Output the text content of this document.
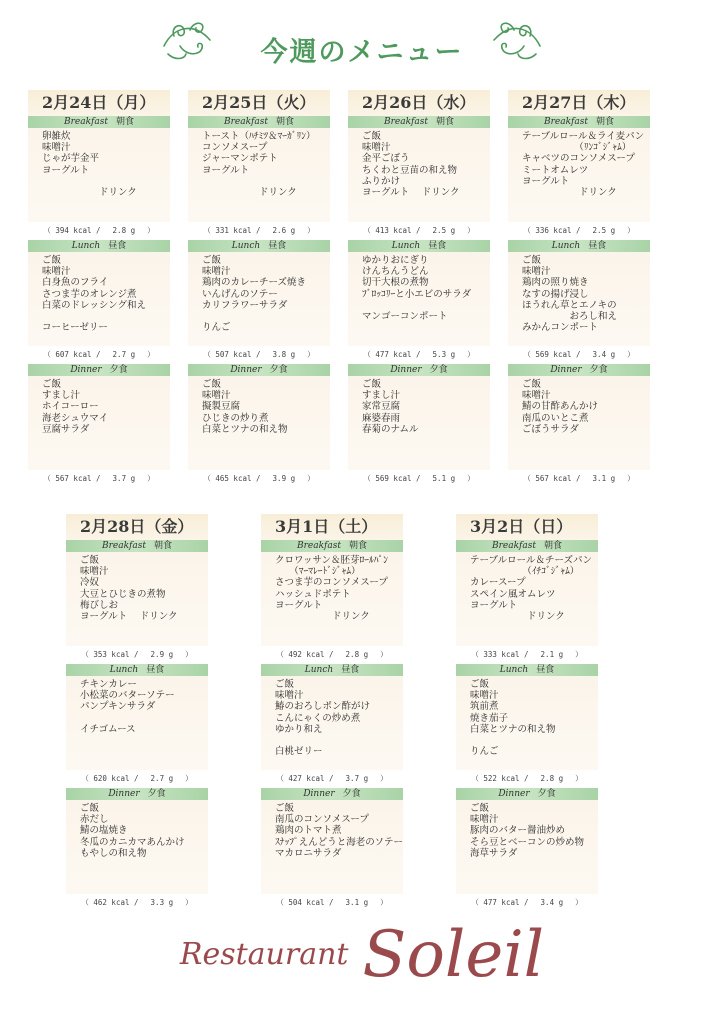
今週のメニュー
2月24日（月）
Breakfast 朝食
卵雑炊
味噌汁
じゃが芋金平
ヨーグルト

　　　　　　ドリンク
（ 394 kcal /　 2.8 g　 ）
Lunch 昼食
ご飯
味噌汁
白身魚のフライ
さつま芋のオレンジ煮
白菜のドレッシング和え

コーヒーゼリー
（ 607 kcal /　 2.7 g　 ）
Dinner 夕食
ご飯
すまし汁
ホイコーロー
海老シュウマイ
豆腐サラダ
（ 567 kcal /　 3.7 g　 ）
2月25日（火）
Breakfast 朝食
トースト（ﾊﾁﾐﾂ＆ﾏｰｶﾞﾘﾝ）
コンソメスープ
ジャーマンポテト
ヨーグルト

　　　　　　ドリンク
（ 331 kcal /　 2.6 g　 ）
Lunch 昼食
ご飯
味噌汁
鶏肉のカレーチーズ焼き
いんげんのソテー
カリフラワーサラダ

りんご
（ 507 kcal /　 3.8 g　 ）
Dinner 夕食
ご飯
味噌汁
擬製豆腐
ひじきの炒り煮
白菜とツナの和え物
（ 465 kcal /　 3.9 g　 ）
2月26日（水）
Breakfast 朝食
ご飯
味噌汁
金平ごぼう
ちくわと豆苗の和え物
ふりかけ
ヨーグルト　 ドリンク
（ 413 kcal /　 2.5 g　 ）
Lunch 昼食
ゆかりおにぎり
けんちんうどん
切干大根の煮物
ﾌﾞﾛｯｺﾘｰと小エビのサラダ

マンゴーコンポート
（ 477 kcal /　 5.3 g　 ）
Dinner 夕食
ご飯
すまし汁
家常豆腐
麻婆春雨
春菊のナムル
（ 569 kcal /　 5.1 g　 ）
2月27日（木）
Breakfast 朝食
テーブルロール＆ライ麦パン
　　　　　　（ﾘﾝｺﾞｼﾞｬﾑ）
キャベツのコンソメスープ
ミートオムレツ
ヨーグルト
　　　　　　ドリンク
（ 336 kcal /　 2.5 g　 ）
Lunch 昼食
ご飯
味噌汁
鶏肉の照り焼き
なすの揚げ浸し
ほうれん草とエノキの
　　　　　おろし和え
みかんコンポート
（ 569 kcal /　 3.4 g　 ）
Dinner 夕食
ご飯
味噌汁
鯖の甘酢あんかけ
南瓜のいとこ煮
ごぼうサラダ
（ 567 kcal /　 3.1 g　 ）
2月28日（金）
Breakfast 朝食
ご飯
味噌汁
冷奴
大豆とひじきの煮物
梅びしお
ヨーグルト　 ドリンク
（ 353 kcal /　 2.9 g　 ）
Lunch 昼食
チキンカレー
小松菜のバターソテー
パンプキンサラダ

イチゴムース
（ 620 kcal /　 2.7 g　 ）
Dinner 夕食
ご飯
赤だし
鯖の塩焼き
冬瓜のカニカマあんかけ
もやしの和え物
（ 462 kcal /　 3.3 g　 ）
3月1日（土）
Breakfast 朝食
クロワッサン＆胚芽ﾛｰﾙﾊﾟﾝ
　　（ﾏｰﾏﾚｰﾄﾞｼﾞｬﾑ）
さつま芋のコンソメスープ
ハッシュドポテト
ヨーグルト
　　　　　　ドリンク
（ 492 kcal /　 2.8 g　 ）
Lunch 昼食
ご飯
味噌汁
鰆のおろしポン酢がけ
こんにゃくの炒め煮
ゆかり和え

白桃ゼリー
（ 427 kcal /　 3.7 g　 ）
Dinner 夕食
ご飯
南瓜のコンソメスープ
鶏肉のトマト煮
ｽﾅｯﾌﾟえんどうと海老のソテー
マカロニサラダ
（ 504 kcal /　 3.1 g　 ）
3月2日（日）
Breakfast 朝食
テーブルロール＆チーズパン
　　　　　　（ｲﾁｺﾞｼﾞｬﾑ）
カレースープ
スペイン風オムレツ
ヨーグルト
　　　　　　ドリンク
（ 333 kcal /　 2.1 g　 ）
Lunch 昼食
ご飯
味噌汁
筑前煮
焼き茄子
白菜とツナの和え物

りんご
（ 522 kcal /　 2.8 g　 ）
Dinner 夕食
ご飯
味噌汁
豚肉のバター醤油炒め
そら豆とベーコンの炒め物
海草サラダ
（ 477 kcal /　 3.4 g　 ）
Restaurant Soleil
